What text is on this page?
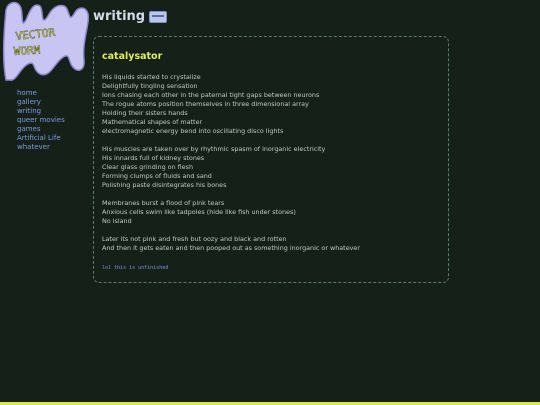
VECTOR
WORM
writing
home
gallery
writing
queer movies
games
Artificial Life
whatever
catalysator
His liquids started to crystalize
Delightfully tingling sensation
Ions chasing each other in the paternal tight gaps between neurons
The rogue atoms position themselves in three dimensional array
Holding their sisters hands
Mathematical shapes of matter
electromagnetic energy bend into oscillating disco lights
His muscles are taken over by rhythmic spasm of inorganic electricity
His innards full of kidney stones
Clear glass grinding on flesh
Forming clumps of fluids and sand
Polishing paste disintegrates his bones
Membranes burst a flood of pink tears
Anxious cells swim like tadpoles (hide like fish under stones)
No island
Later its not pink and fresh but oozy and black and rotten
And then it gets eaten and then pooped out as something inorganic or whatever
lol this is unfinished
